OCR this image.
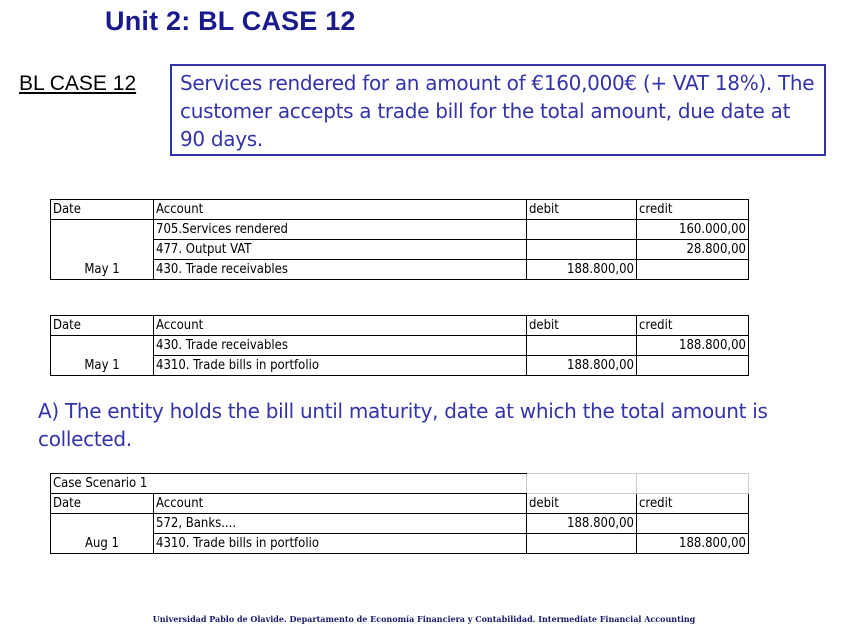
Unit 2: BL CASE 12
BL CASE 12	Services rendered for an amount of €160,000€ (+ VAT 18%). The customer accepts a trade bill for the total amount, due date at 90 days.
Date	Account	debit	credit
May 1	705.Services rendered		160.000,00
	477. Output VAT		28.800,00
	430. Trade receivables	188.800,00	
Date	Account	debit	credit
May 1	430. Trade receivables		188.800,00
	4310. Trade bills in portfolio	188.800,00	
A) The entity holds the bill until maturity, date at which the total amount is collected.
Case Scenario 1			
Date	Account	debit	credit
Aug 1	572, Banks....	188.800,00	
	4310. Trade bills in portfolio		188.800,00
Universidad Pablo de Olavide. Departamento de Economía Financiera y Contabilidad. Intermediate Financial Accounting
